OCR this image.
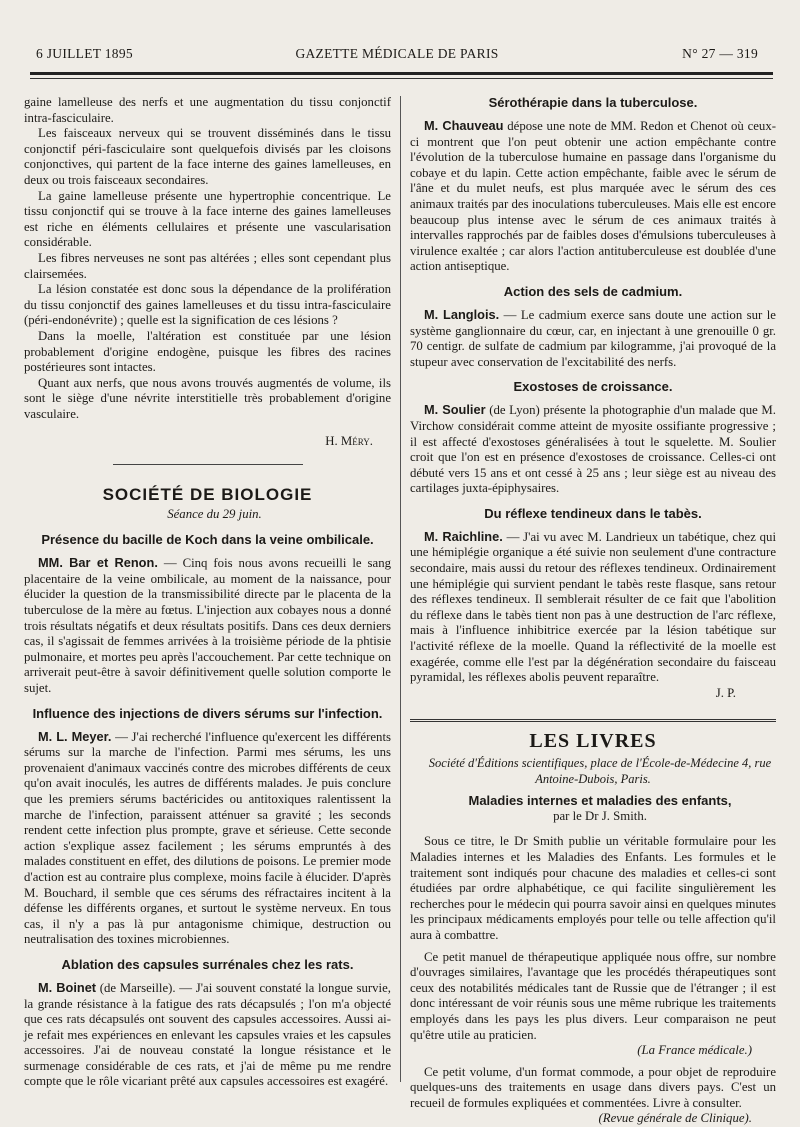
6 JUILLET 1895	GAZETTE MÉDICALE DE PARIS	N° 27 — 319

gaine lamelleuse des nerfs et une augmentation du tissu conjonctif intra-fasciculaire.

Les faisceaux nerveux qui se trouvent disséminés dans le tissu conjonctif péri-fasciculaire sont quelquefois divisés par les cloisons conjonctives, qui partent de la face interne des gaines lamelleuses, en deux ou trois faisceaux secondaires.

La gaine lamelleuse présente une hypertrophie concentrique. Le tissu conjonctif qui se trouve à la face interne des gaines lamelleuses est riche en éléments cellulaires et présente une vascularisation considérable.

Les fibres nerveuses ne sont pas altérées ; elles sont cependant plus clairsemées.

La lésion constatée est donc sous la dépendance de la prolifération du tissu conjonctif des gaines lamelleuses et du tissu intra-fasciculaire (péri-endonévrite) ; quelle est la signification de ces lésions ?

Dans la moelle, l'altération est constituée par une lésion probablement d'origine endogène, puisque les fibres des racines postérieures sont intactes.

Quant aux nerfs, que nous avons trouvés augmentés de volume, ils sont le siège d'une névrite interstitielle très probablement d'origine vasculaire.

H. Méry.

SOCIÉTÉ DE BIOLOGIE

Séance du 29 juin.

Présence du bacille de Koch dans la veine ombilicale.

MM. Bar et Renon. — Cinq fois nous avons recueilli le sang placentaire de la veine ombilicale, au moment de la naissance, pour élucider la question de la transmissibilité directe par le placenta de la tuberculose de la mère au fœtus. L'injection aux cobayes nous a donné trois résultats négatifs et deux résultats positifs. Dans ces deux derniers cas, il s'agissait de femmes arrivées à la troisième période de la phtisie pulmonaire, et mortes peu après l'accouchement. Par cette technique on arriverait peut-être à savoir définitivement quelle solution comporte le sujet.

Influence des injections de divers sérums sur l'infection.

M. L. Meyer. — J'ai recherché l'influence qu'exercent les différents sérums sur la marche de l'infection. Parmi mes sérums, les uns provenaient d'animaux vaccinés contre des microbes différents de ceux qu'on avait inoculés, les autres de différents malades. Je puis conclure que les premiers sérums bactéricides ou antitoxiques ralentissent la marche de l'infection, paraissent atténuer sa gravité ; les seconds rendent cette infection plus prompte, grave et sérieuse. Cette seconde action s'explique assez facilement ; les sérums empruntés à des malades constituent en effet, des dilutions de poisons. Le premier mode d'action est au contraire plus complexe, moins facile à élucider. D'après M. Bouchard, il semble que ces sérums des réfractaires incitent à la défense les différents organes, et surtout le système nerveux. En tous cas, il n'y a pas là pur antagonisme chimique, destruction ou neutralisation des toxines microbiennes.

Ablation des capsules surrénales chez les rats.

M. Boinet (de Marseille). — J'ai souvent constaté la longue survie, la grande résistance à la fatigue des rats décapsulés ; l'on m'a objecté que ces rats décapsulés ont souvent des capsules accessoires. Aussi ai-je refait mes expériences en enlevant les capsules vraies et les capsules accessoires. J'ai de nouveau constaté la longue résistance et le surmenage considérable de ces rats, et j'ai de même pu me rendre compte que le rôle vicariant prêté aux capsules accessoires est exagéré.

Sérothérapie dans la tuberculose.

M. Chauveau dépose une note de MM. Redon et Chenot où ceux-ci montrent que l'on peut obtenir une action empêchante contre l'évolution de la tuberculose humaine en passage dans l'organisme du cobaye et du lapin. Cette action empêchante, faible avec le sérum de l'âne et du mulet neufs, est plus marquée avec le sérum des ces animaux traités par des inoculations tuberculeuses. Mais elle est encore beaucoup plus intense avec le sérum de ces animaux traités à intervalles rapprochés par de faibles doses d'émulsions tuberculeuses à virulence exaltée ; car alors l'action antituberculeuse est doublée d'une action antiseptique.

Action des sels de cadmium.

M. Langlois. — Le cadmium exerce sans doute une action sur le système ganglionnaire du cœur, car, en injectant à une grenouille 0 gr. 70 centigr. de sulfate de cadmium par kilogramme, j'ai provoqué de la stupeur avec conservation de l'excitabilité des nerfs.

Exostoses de croissance.

M. Soulier (de Lyon) présente la photographie d'un malade que M. Virchow considérait comme atteint de myosite ossifiante progressive ; il est affecté d'exostoses généralisées à tout le squelette. M. Soulier croit que l'on est en présence d'exostoses de croissance. Celles-ci ont débuté vers 15 ans et ont cessé à 25 ans ; leur siège est au niveau des cartilages juxta-épiphysaires.

Du réflexe tendineux dans le tabès.

M. Raichline. — J'ai vu avec M. Landrieux un tabétique, chez qui une hémiplégie organique a été suivie non seulement d'une contracture secondaire, mais aussi du retour des réflexes tendineux. Ordinairement une hémiplégie qui survient pendant le tabès reste flasque, sans retour des réflexes tendineux. Il semblerait résulter de ce fait que l'abolition du réflexe dans le tabès tient non pas à une destruction de l'arc réflexe, mais à l'influence inhibitrice exercée par la lésion tabétique sur l'activité réflexe de la moelle. Quand la réflectivité de la moelle est exagérée, comme elle l'est par la dégénération secondaire du faisceau pyramidal, les réflexes abolis peuvent reparaître.

J. P.

LES LIVRES

Société d'Éditions scientifiques, place de l'École-de-Médecine 4, rue Antoine-Dubois, Paris.

Maladies internes et maladies des enfants,

par le Dr J. Smith.

Sous ce titre, le Dr Smith publie un véritable formulaire pour les Maladies internes et les Maladies des Enfants. Les formules et le traitement sont indiqués pour chacune des maladies et celles-ci sont étudiées par ordre alphabétique, ce qui facilite singulièrement les recherches pour le médecin qui pourra savoir ainsi en quelques minutes les principaux médicaments employés pour telle ou telle affection qu'il aura à combattre.

Ce petit manuel de thérapeutique appliquée nous offre, sur nombre d'ouvrages similaires, l'avantage que les procédés thérapeutiques sont ceux des notabilités médicales tant de Russie que de l'étranger ; il est donc intéressant de voir réunis sous une même rubrique les traitements employés dans les pays les plus divers. Leur comparaison ne peut qu'être utile au praticien.

(La France médicale.)

Ce petit volume, d'un format commode, a pour objet de reproduire quelques-uns des traitements en usage dans divers pays. C'est un recueil de formules expliquées et commentées. Livre à consulter.

(Revue générale de Clinique).
